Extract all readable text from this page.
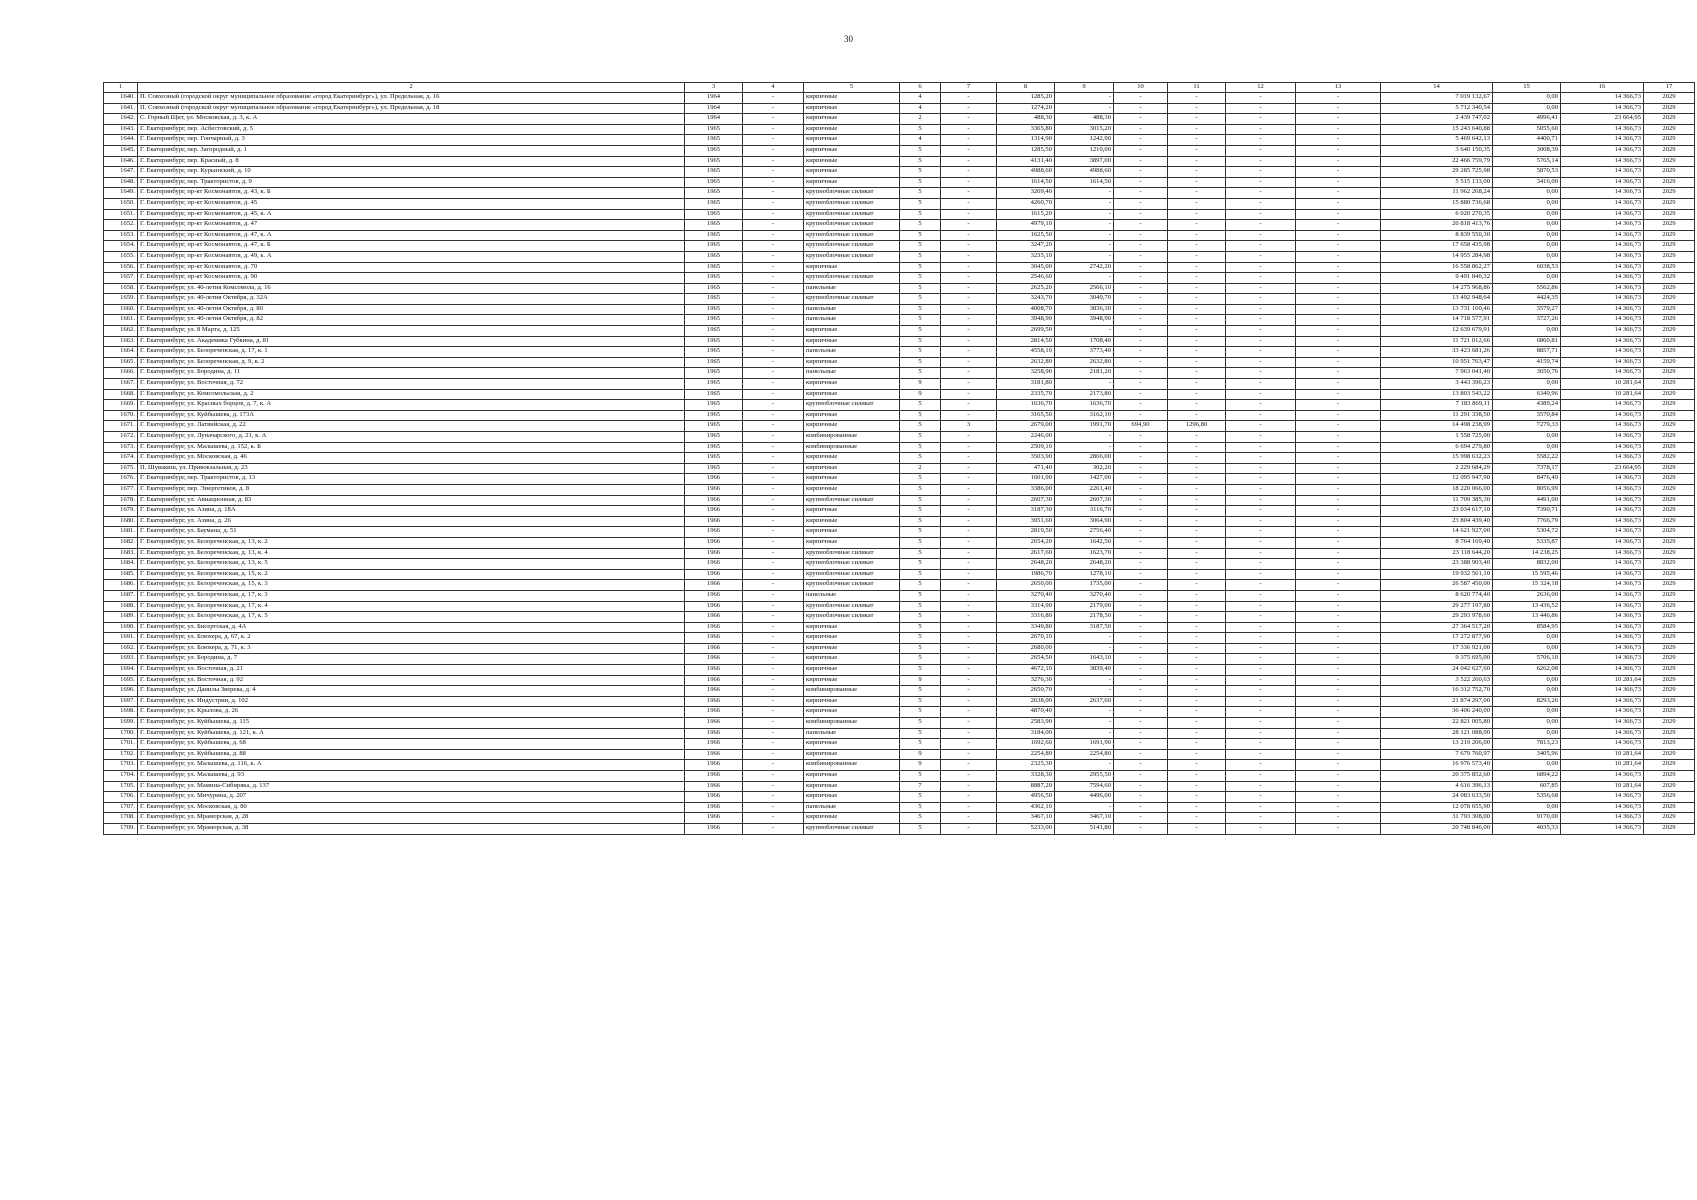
30
1	2	3	4	5	6	7	8	9	10	11	12	13	14	15	16	17
1640.	П. Совхозный (городской округ муниципальное образование «город Екатеринбург»), ул. Предельная, д. 16	1964	-	кирпичные	4	-	1285,20	-	-	-	-	-	7 019 132,67	0,00	14 366,73	2029
1641.	П. Совхозный (городской округ муниципальное образование «город Екатеринбург»), ул. Предельная, д. 18	1964	-	кирпичные	4	-	1274,20	-	-	-	-	-	5 712 340,54	0,00	14 366,73	2029
1642.	С. Горный Щит, ул. Московская, д. 3, к. А	1964	-	кирпичные	2	-	488,30	488,30	-	-	-	-	2 439 747,02	4996,41	23 664,95	2029
1643.	Г. Екатеринбург, пер. Асбестовский, д. 5	1965	-	кирпичные	5	-	3365,80	3015,20	-	-	-	-	15 243 640,88	5055,60	14 366,73	2029
1644.	Г. Екатеринбург, пер. Гончарный, д. 3	1965	-	кирпичные	4	-	1314,90	1242,90	-	-	-	-	5 469 642,13	4400,71	14 366,73	2029
1645.	Г. Екатеринбург, пер. Загородный, д. 1	1965	-	кирпичные	5	-	1285,50	1210,00	-	-	-	-	3 640 150,35	3008,39	14 366,73	2029
1646.	Г. Екатеринбург, пер. Красный, д. 8	1965	-	кирпичные	5	-	4131,40	3897,00	-	-	-	-	22 466 759,79	5765,14	14 366,73	2029
1647.	Г. Екатеринбург, пер. Курьинский, д. 10	1965	-	кирпичные	5	-	4988,60	4988,60	-	-	-	-	29 285 725,98	5870,53	14 366,73	2029
1648.	Г. Екатеринбург, пер. Трактористов, д. 9	1965	-	кирпичные	5	-	1614,50	1614,50	-	-	-	-	5 515 133,00	3416,00	14 366,73	2029
1649.	Г. Екатеринбург, пр-кт Космонавтов, д. 43, к. Б	1965	-	крупноблочные силикат	5	-	3209,40	-	-	-	-	-	11 962 268,24	0,00	14 366,73	2029
1650.	Г. Екатеринбург, пр-кт Космонавтов, д. 45	1965	-	крупноблочные силикат	5	-	4260,70	-	-	-	-	-	15 880 736,68	0,00	14 366,73	2029
1651.	Г. Екатеринбург, пр-кт Космонавтов, д. 45, к. А	1965	-	крупноблочные силикат	5	-	1615,20	-	-	-	-	-	6 020 270,35	0,00	14 366,73	2029
1652.	Г. Екатеринбург, пр-кт Космонавтов, д. 47	1965	-	крупноблочные силикат	5	-	4979,10	-	-	-	-	-	20 818 413,76	0,00	14 366,73	2029
1653.	Г. Екатеринбург, пр-кт Космонавтов, д. 47, к. А	1965	-	крупноблочные силикат	5	-	1625,50	-	-	-	-	-	8 839 550,30	0,00	14 366,73	2029
1654.	Г. Екатеринбург, пр-кт Космонавтов, д. 47, к. Б	1965	-	крупноблочные силикат	5	-	3247,20	-	-	-	-	-	17 658 435,98	0,00	14 366,73	2029
1655.	Г. Екатеринбург, пр-кт Космонавтов, д. 49, к. А	1965	-	крупноблочные силикат	5	-	3235,10	-	-	-	-	-	14 955 284,98	0,00	14 366,73	2029
1656.	Г. Екатеринбург, пр-кт Космонавтов, д. 70	1965	-	кирпичные	5	-	3045,00	2742,20	-	-	-	-	16 558 862,27	6038,53	14 366,73	2029
1657.	Г. Екатеринбург, пр-кт Космонавтов, д. 90	1965	-	крупноблочные силикат	5	-	2546,60	-	-	-	-	-	9 491 840,32	0,00	14 366,73	2029
1658.	Г. Екатеринбург, ул. 40-летия Комсомола, д. 16	1965	-	панельные	5	-	2625,20	2566,10	-	-	-	-	14 275 968,86	5562,86	14 366,73	2029
1659.	Г. Екатеринбург, ул. 40-летия Октября, д. 32А	1965	-	крупноблочные силикат	5	-	3243,70	3049,70	-	-	-	-	13 492 948,64	4424,35	14 366,73	2029
1660.	Г. Екатеринбург, ул. 40-летия Октября, д. 80	1965	-	панельные	5	-	4008,70	3836,30	-	-	-	-	13 731 160,46	3579,27	14 366,73	2029
1661.	Г. Екатеринбург, ул. 40-летия Октября, д. 82	1965	-	панельные	5	-	3948,90	3948,90	-	-	-	-	14 718 577,91	3727,26	14 366,73	2029
1662.	Г. Екатеринбург, ул. 8 Марта, д. 125	1965	-	кирпичные	5	-	2699,50	-	-	-	-	-	12 639 679,91	0,00	14 366,73	2029
1663.	Г. Екатеринбург, ул. Академика Губкина, д. 81	1965	-	кирпичные	5	-	2814,50	1708,40	-	-	-	-	11 721 012,66	6860,81	14 366,73	2029
1664.	Г. Екатеринбург, ул. Белореченская, д. 17, к. 1	1965	-	панельные	5	-	4558,10	3773,40	-	-	-	-	33 423 681,26	8857,71	14 366,73	2029
1665.	Г. Екатеринбург, ул. Белореченская, д. 9, к. 2	1965	-	кирпичные	5	-	2632,80	2632,80	-	-	-	-	10 951 763,47	4159,74	14 366,73	2029
1666.	Г. Екатеринбург, ул. Бородина, д. 11	1965	-	панельные	5	-	3258,90	2181,20	-	-	-	-	7 963 041,40	3650,76	14 366,73	2029
1667.	Г. Екатеринбург, ул. Восточная, д. 72	1965	-	кирпичные	9	-	3181,80	-	-	-	-	-	3 443 396,23	0,00	10 281,64	2029
1668.	Г. Екатеринбург, ул. Комсомольская, д. 2	1965	-	кирпичные	9	-	2335,70	2173,80	-	-	-	-	13 803 543,22	6349,96	10 281,64	2029
1669.	Г. Екатеринбург, ул. Красных борцов, д. 7, к. А	1965	-	крупноблочные силикат	5	-	1636,70	1636,70	-	-	-	-	7 183 869,11	4389,24	14 366,73	2029
1670.	Г. Екатеринбург, ул. Куйбышева, д. 173А	1965	-	кирпичные	5	-	3165,50	3162,10	-	-	-	-	11 291 338,50	3570,84	14 366,73	2029
1671.	Г. Екатеринбург, ул. Латвийская, д. 22	1965	-	кирпичные	5	3	2679,00	1991,70	694,90	1296,80	-	-	14 498 238,99	7279,33	14 366,73	2029
1672.	Г. Екатеринбург, ул. Луначарского, д. 21, к. А	1965	-	комбинированные	5	-	2246,00	-	-	-	-	-	1 558 725,00	0,00	14 366,73	2029
1673.	Г. Екатеринбург, ул. Малышева, д. 152, к. Б	1965	-	комбинированные	5	-	2509,10	-	-	-	-	-	6 694 279,80	0,00	14 366,73	2029
1674.	Г. Екатеринбург, ул. Московская, д. 46	1965	-	кирпичные	5	-	3503,90	2866,00	-	-	-	-	15 998 632,23	5582,22	14 366,73	2029
1675.	П. Шувакиш, ул. Привокзальная, д. 23	1965	-	кирпичные	2	-	471,40	302,20	-	-	-	-	2 229 684,29	7378,17	23 664,95	2029
1676.	Г. Екатеринбург, пер. Трактористов, д. 13	1966	-	кирпичные	5	-	1601,90	1427,00	-	-	-	-	12 095 947,90	8476,49	14 366,73	2029
1677.	Г. Екатеринбург, пер. Энергетиков, д. 8	1966	-	кирпичные	5	-	3386,00	2261,40	-	-	-	-	18 220 066,00	8056,99	14 366,73	2029
1678.	Г. Екатеринбург, ул. Авиационная, д. 83	1966	-	крупноблочные силикат	5	-	2607,30	2607,30	-	-	-	-	11 709 385,30	4491,00	14 366,73	2029
1679.	Г. Екатеринбург, ул. Азина, д. 18А	1966	-	кирпичные	5	-	3187,30	3116,70	-	-	-	-	23 034 617,10	7390,71	14 366,73	2029
1680.	Г. Екатеринбург, ул. Азина, д. 26	1966	-	кирпичные	5	-	3951,60	3064,90	-	-	-	-	23 804 439,40	7766,79	14 366,73	2029
1681.	Г. Екатеринбург, ул. Баумана, д. 51	1966	-	кирпичные	5	-	2819,50	2756,40	-	-	-	-	14 621 927,00	5304,72	14 366,73	2029
1682.	Г. Екатеринбург, ул. Белореченская, д. 13, к. 2	1966	-	кирпичные	5	-	2654,20	1642,50	-	-	-	-	8 764 169,40	5335,87	14 366,73	2029
1683.	Г. Екатеринбург, ул. Белореченская, д. 13, к. 4	1966	-	крупноблочные силикат	5	-	2617,60	1623,70	-	-	-	-	23 118 644,20	14 238,25	14 366,73	2029
1684.	Г. Екатеринбург, ул. Белореченская, д. 13, к. 5	1966	-	крупноблочные силикат	5	-	2648,20	2648,20	-	-	-	-	23 388 903,40	8832,00	14 366,73	2029
1685.	Г. Екатеринбург, ул. Белореченская, д. 15, к. 2	1966	-	крупноблочные силикат	5	-	1986,70	1278,10	-	-	-	-	19 932 561,10	15 595,46	14 366,73	2029
1686.	Г. Екатеринбург, ул. Белореченская, д. 15, к. 3	1966	-	крупноблочные силикат	5	-	2650,00	1735,00	-	-	-	-	26 587 450,00	15 324,18	14 366,73	2029
1687.	Г. Екатеринбург, ул. Белореченская, д. 17, к. 3	1966	-	панельные	5	-	3270,40	3270,40	-	-	-	-	8 620 774,40	2636,00	14 366,73	2029
1688.	Г. Екатеринбург, ул. Белореченская, д. 17, к. 4	1966	-	крупноблочные силикат	5	-	3314,90	2179,00	-	-	-	-	29 277 197,80	13 436,52	14 366,73	2029
1689.	Г. Екатеринбург, ул. Белореченская, д. 17, к. 5	1966	-	крупноблочные силикат	5	-	3316,80	2178,50	-	-	-	-	29 293 978,60	13 446,86	14 366,73	2029
1690.	Г. Екатеринбург, ул. Бисертская, д. 4А	1966	-	кирпичные	5	-	3349,80	3187,50	-	-	-	-	27 364 517,20	8584,95	14 366,73	2029
1691.	Г. Екатеринбург, ул. Блюхера, д. 67, к. 2	1966	-	кирпичные	5	-	2670,10	-	-	-	-	-	17 272 877,90	0,00	14 366,73	2029
1692.	Г. Екатеринбург, ул. Блюхера, д. 71, к. 3	1966	-	кирпичные	5	-	2680,00	-	-	-	-	-	17 336 921,00	0,00	14 366,73	2029
1693.	Г. Екатеринбург, ул. Бородина, д. 7	1966	-	кирпичные	5	-	2654,50	1643,10	-	-	-	-	9 375 695,00	5706,10	14 366,73	2029
1694.	Г. Екатеринбург, ул. Восточная, д. 21	1966	-	кирпичные	5	-	4672,10	3839,40	-	-	-	-	24 042 627,60	6262,08	14 366,73	2029
1695.	Г. Екатеринбург, ул. Восточная, д. 92	1966	-	кирпичные	9	-	3276,30	-	-	-	-	-	3 522 260,63	0,00	10 281,64	2029
1696.	Г. Екатеринбург, ул. Данилы Зверева, д. 4	1966	-	комбинированные	5	-	2650,70	-	-	-	-	-	16 312 752,70	0,00	14 366,73	2029
1697.	Г. Екатеринбург, ул. Индустрии, д. 102	1966	-	кирпичные	5	-	2638,00	2637,60	-	-	-	-	21 874 297,00	8293,26	14 366,73	2029
1698.	Г. Екатеринбург, ул. Крылова, д. 26	1966	-	кирпичные	5	-	4870,40	-	-	-	-	-	36 406 240,00	0,00	14 366,73	2029
1699.	Г. Екатеринбург, ул. Куйбышева, д. 115	1966	-	комбинированные	5	-	2583,90	-	-	-	-	-	22 821 005,80	0,00	14 366,73	2029
1700.	Г. Екатеринбург, ул. Куйбышева, д. 121, к. А	1966	-	панельные	5	-	3184,00	-	-	-	-	-	28 121 088,00	0,00	14 366,73	2029
1701.	Г. Екатеринбург, ул. Куйбышева, д. 68	1966	-	кирпичные	5	-	1692,60	1691,90	-	-	-	-	13 219 206,00	7813,23	14 366,73	2029
1702.	Г. Екатеринбург, ул. Куйбышева, д. 88	1966	-	кирпичные	9	-	2254,80	2254,80	-	-	-	-	7 679 760,97	3405,96	10 281,64	2029
1703.	Г. Екатеринбург, ул. Малышева, д. 116, к. А	1966	-	комбинированные	9	-	2325,30	-	-	-	-	-	16 976 573,40	0,00	10 281,64	2029
1704.	Г. Екатеринбург, ул. Малышева, д. 93	1966	-	кирпичные	5	-	3328,30	2955,50	-	-	-	-	20 375 852,60	6894,22	14 366,73	2029
1705.	Г. Екатеринбург, ул. Мамина-Сибиряка, д. 137	1966	-	кирпичные	7	-	8887,20	7594,60	-	-	-	-	4 616 396,13	607,85	10 281,64	2029
1706.	Г. Екатеринбург, ул. Мичурина, д. 207	1966	-	кирпичные	5	-	4956,50	4496,00	-	-	-	-	24 083 633,50	5356,68	14 366,73	2029
1707.	Г. Екатеринбург, ул. Московская, д. 80	1966	-	панельные	5	-	4362,10	-	-	-	-	-	12 078 655,90	0,00	14 366,73	2029
1708.	Г. Екатеринбург, ул. Мраморская, д. 28	1966	-	кирпичные	5	-	3467,10	3467,10	-	-	-	-	31 793 308,00	9170,00	14 366,73	2029
1709.	Г. Екатеринбург, ул. Мраморская, д. 38	1966	-	крупноблочные силикат	5	-	5233,00	5141,80	-	-	-	-	20 748 846,00	4035,33	14 366,73	2029
